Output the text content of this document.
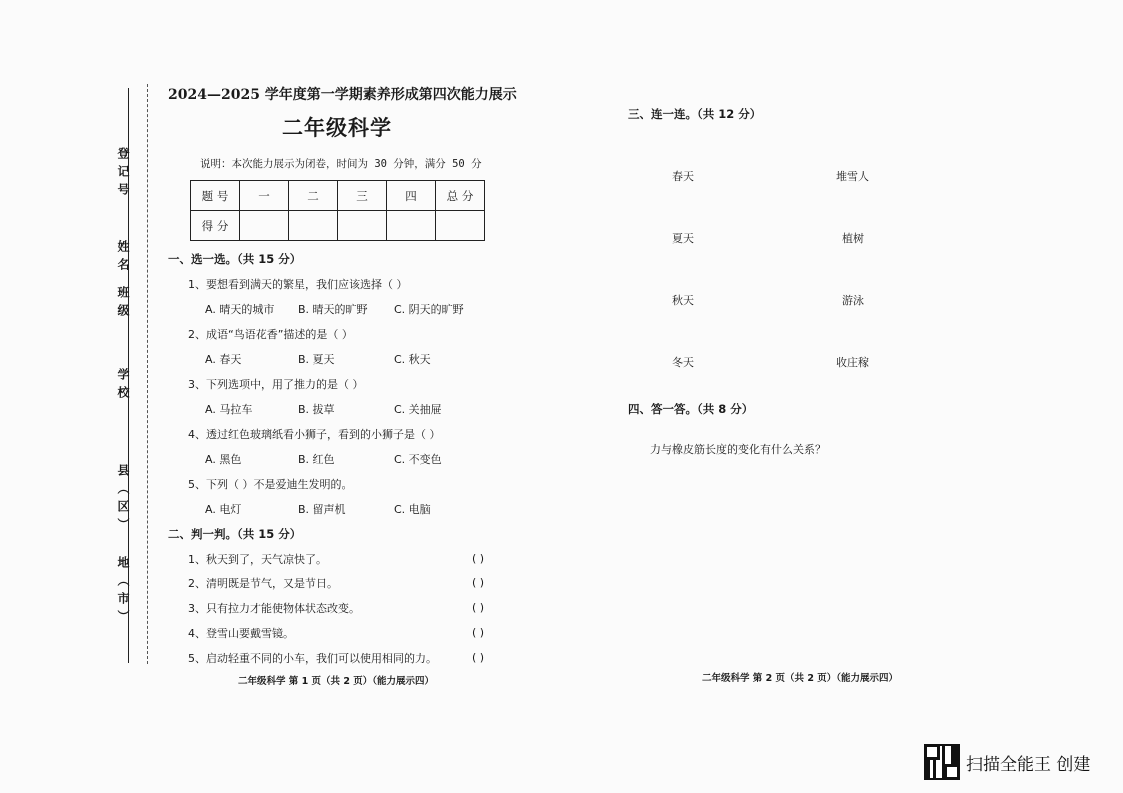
登记号
姓名
班级
学校
县（区）
地（市）
2024—2025 学年度第一学期素养形成第四次能力展示
二年级科学
说明：本次能力展示为闭卷，时间为 30 分钟，满分 50 分
题 号	一	二	三	四	总 分
得 分					
一、选一选。（共 15 分）
1、要想看到满天的繁星，我们应该选择（ ）
A. 晴天的城市 B. 晴天的旷野 C. 阴天的旷野
2、成语“鸟语花香”描述的是（ ）
A. 春天	B. 夏天	C. 秋天
3、下列选项中，用了推力的是（ ）
A. 马拉车	B. 拔草	C. 关抽屉
4、透过红色玻璃纸看小狮子，看到的小狮子是（ ）
A. 黑色	B. 红色	C. 不变色
5、下列（ ）不是爱迪生发明的。
A. 电灯	B. 留声机	C. 电脑
二、判一判。（共 15 分）
1、秋天到了，天气凉快了。	( )
2、清明既是节气，又是节日。	( )
3、只有拉力才能使物体状态改变。	( )
4、登雪山要戴雪镜。	( )
5、启动轻重不同的小车，我们可以使用相同的力。	( )
二年级科学 第 1 页（共 2 页）（能力展示四）
三、连一连。（共 12 分）
春天	堆雪人
夏天	植树
秋天	游泳
冬天	收庄稼
四、答一答。（共 8 分）
力与橡皮筋长度的变化有什么关系？
二年级科学 第 2 页（共 2 页）（能力展示四）
扫描全能王 创建
